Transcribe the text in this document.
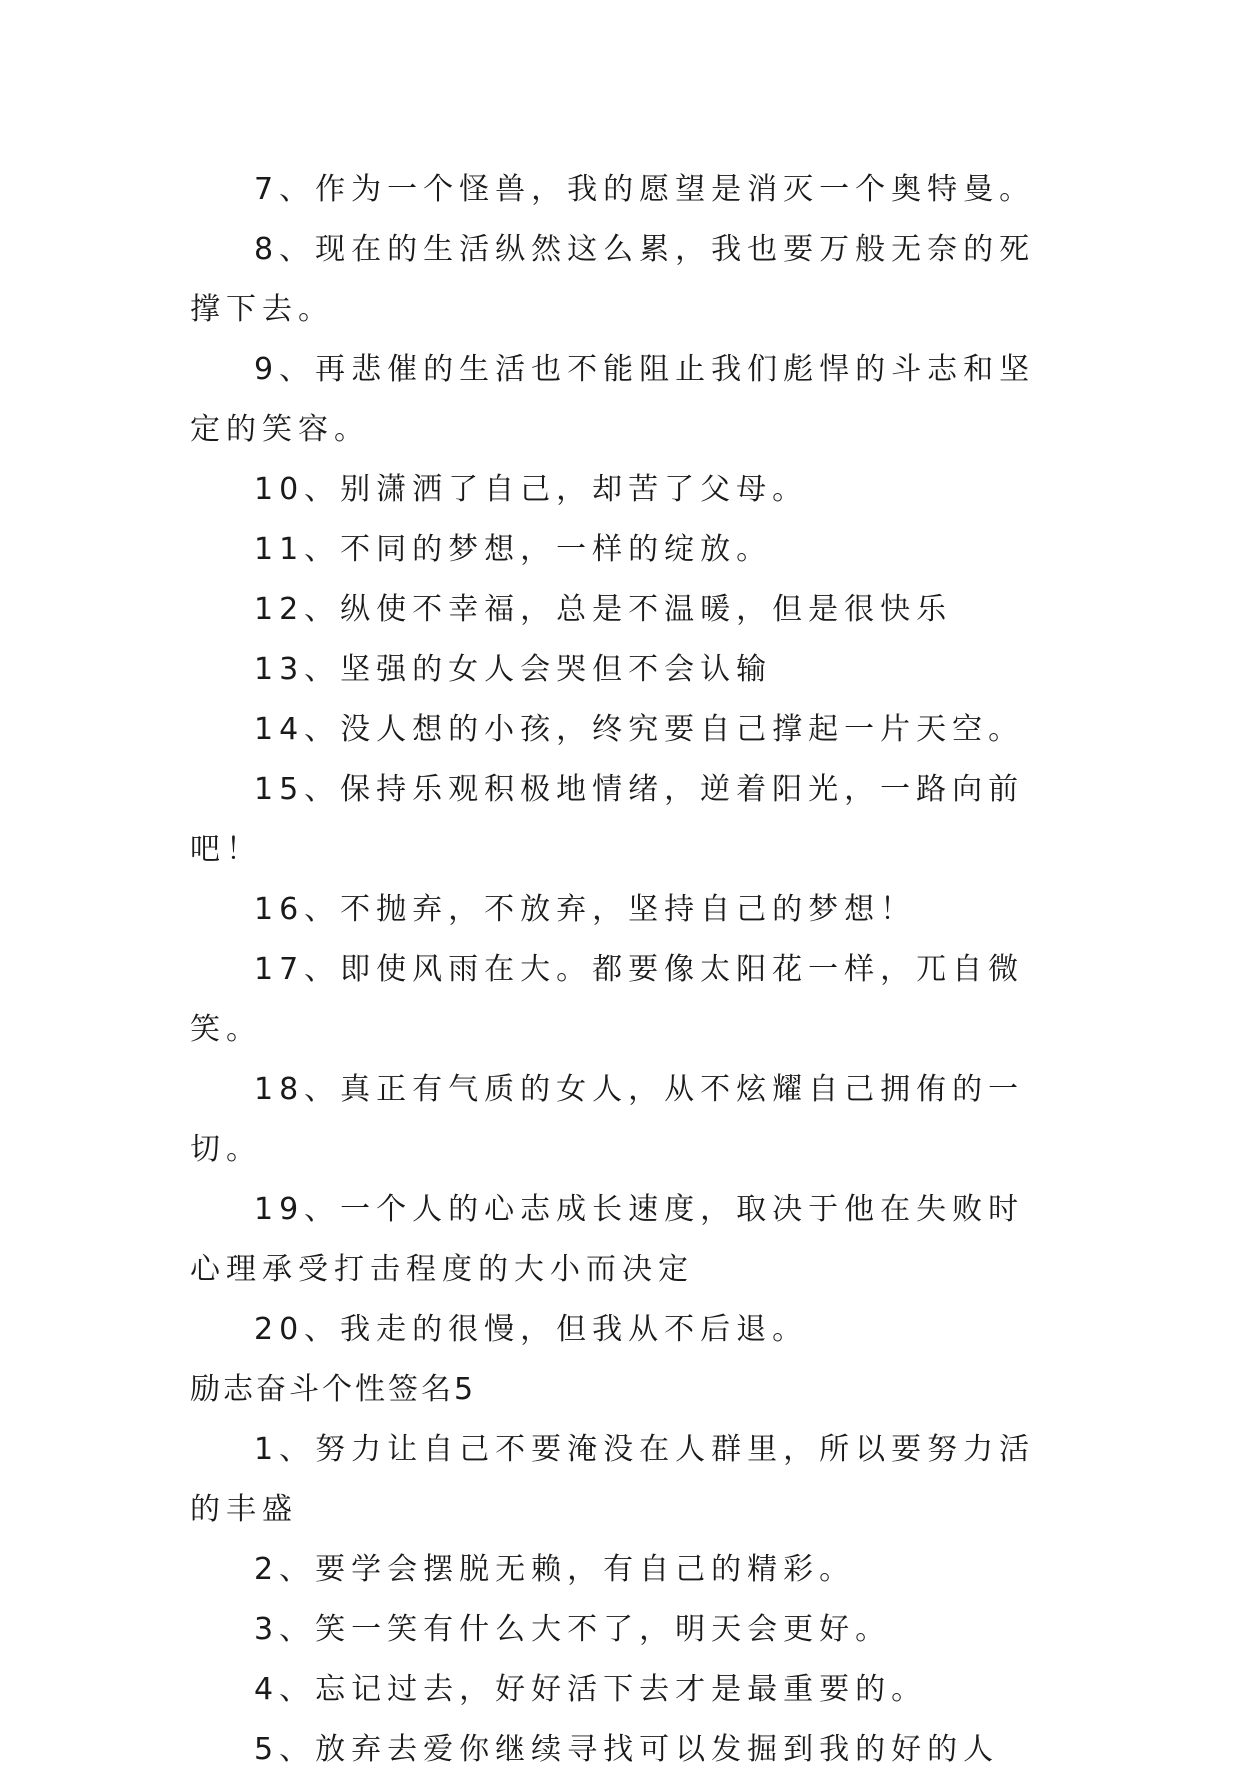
7、作为一个怪兽，我的愿望是消灭一个奥特曼。

8、现在的生活纵然这么累，我也要万般无奈的死撑下去。

9、再悲催的生活也不能阻止我们彪悍的斗志和坚定的笑容。

10、别潇洒了自己，却苦了父母。

11、不同的梦想，一样的绽放。

12、纵使不幸福，总是不温暖，但是很快乐

13、坚强的女人会哭但不会认输

14、没人想的小孩，终究要自己撑起一片天空。

15、保持乐观积极地情绪，逆着阳光，一路向前吧！

16、不抛弃，不放弃，坚持自己的梦想！

17、即使风雨在大。都要像太阳花一样，兀自微笑。

18、真正有气质的女人，从不炫耀自己拥侑的一切。

19、一个人的心志成长速度，取决于他在失败时心理承受打击程度的大小而决定

20、我走的很慢，但我从不后退。

励志奋斗个性签名5

1、努力让自己不要淹没在人群里，所以要努力活的丰盛

2、要学会摆脱无赖，有自己的精彩。

3、笑一笑有什么大不了，明天会更好。

4、忘记过去，好好活下去才是最重要的。

5、放弃去爱你继续寻找可以发掘到我的好的人
